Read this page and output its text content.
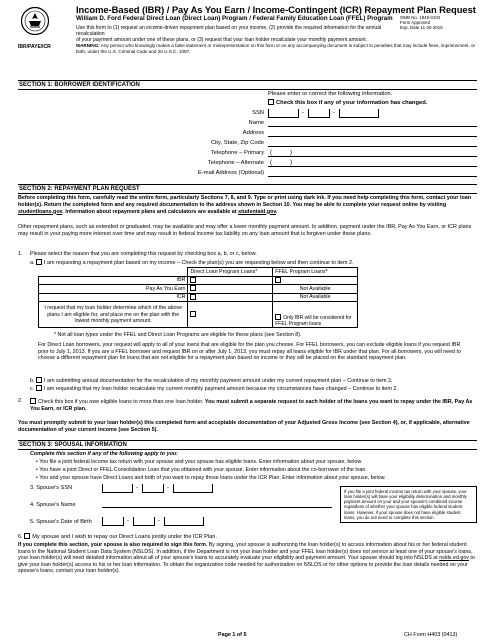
IBR/PAYE/ICR
Income-Based (IBR) / Pay As You Earn / Income-Contingent (ICR) Repayment Plan Request
William D. Ford Federal Direct Loan (Direct Loan) Program / Federal Family Education Loan (FFEL) Program OMB No. 1845-0102
Form Approved
Exp. Date 11-30-2016
Use this form to (1) request an income-driven repayment plan based on your income, (2) provide the required information for the annual recalculation
of your payment amount under one of these plans, or (3) request that your loan holder recalculate your monthly payment amount.
WARNING: Any person who knowingly makes a false statement or misrepresentation on this form or on any accompanying document is subject to penalties that may include fines, imprisonment, or both, under the U.S. Criminal Code and 20 U.S.C. 1097.
SECTION 1: BORROWER IDENTIFICATION
Please enter or correct the following information.
Check this box if any of your information has changed.
SSN	-	-
Name
Address
City, State, Zip Code
Telephone – Primary (	)
Telephone – Alternate (	)
E-mail Address (Optional)
SECTION 2: REPAYMENT PLAN REQUEST
Before completing this form, carefully read the entire form, particularly Sections 7, 8, and 9. Type or print using dark ink. If you need help completing this form, contact your loan holder(s). Return the completed form and any required documentation to the address shown in Section 10. You may be able to complete your request online by visiting studentloans.gov. Information about repayment plans and calculators are available at studentaid.gov.
Other repayment plans, such as extended or graduated, may be available and may offer a lower monthly payment amount. In addition, payment under the IBR, Pay As You Earn, or ICR plans may result in your paying more interest over time and may result in federal income tax liability on any loan amount that is forgiven under these plans.
1. Please select the reason that you are completing this request by checking box a, b, or c, below.
a. I am requesting a repayment plan based on my income – Check the plan(s) you are requesting below and then continue to item 2.
	Direct Loan Program Loans*	FFEL Program Loans*
IBR		
Pay As You Earn		Not Available
ICR		Not Available
I request that my loan holder determine which of the above plans I am eligible for, and place me on the plan with the lowest monthly payment amount.		Only IBR will be considered for FFEL Program loans
* Not all loan types under the FFEL and Direct Loan Programs are eligible for these plans (see Section 8).
For Direct Loan borrowers, your request will apply to all of your loans that are eligible for the plan you choose. For FFEL borrowers, you can exclude eligible loans if you request IBR prior to July 1, 2013. If you are a FFEL borrower and request IBR on or after July 1, 2013, you must repay all loans eligible for IBR under that plan. For all borrowers, you will need to choose a different repayment plan for loans that are not eligible for a repayment plan based on income or they will be placed on the standard repayment plan.
b. I am submitting annual documentation for the recalculation of my monthly payment amount under my current repayment plan – Continue to item 2.
c. I am requesting that my loan holder recalculate my current monthly payment amount because my circumstances have changed – Continue to item 2.
2.	Check this box if you owe eligible loans to more than one loan holder. You must submit a separate request to each holder of the loans you want to repay under the IBR, Pay As You Earn, or ICR plan.
You must promptly submit to your loan holder(s) this completed form and acceptable documentation of your Adjusted Gross Income (see Section 4), or, if applicable, alternative documentation of your current income (see Section 5).
SECTION 3: SPOUSAL INFORMATION
Complete this section if any of the following apply to you:
• You file a joint federal income tax return with your spouse and your spouse has eligible loans. Enter information about your spouse, below.
• You have a joint Direct or FFEL Consolidation Loan that you obtained with your spouse. Enter information about the co-borrower of the loan.
• You and your spouse have Direct Loans and both of you want to repay those loans under the ICR Plan. Enter information about your spouse, below.
3. Spouse's SSN	-	-
4. Spouse's Name
5. Spouse's Date of Birth	-	-
If you file a joint federal income tax return with your spouse, your loan holder(s) will base your eligibility determination and monthly payment amount on your and your spouse's combined income regardless of whether your spouse has eligible federal student loans. However, if your spouse does not have eligible student loans, you do not need to complete this section.
6. My spouse and I wish to repay our Direct Loans jointly under the ICR Plan.
If you complete this section, your spouse is also required to sign this form. By signing, your spouse is authorizing the loan holder(s) to access information about his or her federal student loans in the National Student Loan Data System (NSLDS). In addition, if the Department is not your loan holder and your FFEL loan holder(s) does not service at least one of your spouse's loans, your loan holder(s) will need detailed information about all of your spouse's loans to accurately evaluate your eligibility and payment amount. Your spouse should log into NSLDS at nslds.ed.gov to give your loan holder(s) access to his or her loan information. To obtain the organization code needed for authorization on NSLDS or for other options to provide the loan details needed on your spouse's loans, contact your loan holder(s).
Page 1 of 5	CH Form H403 (0413)
